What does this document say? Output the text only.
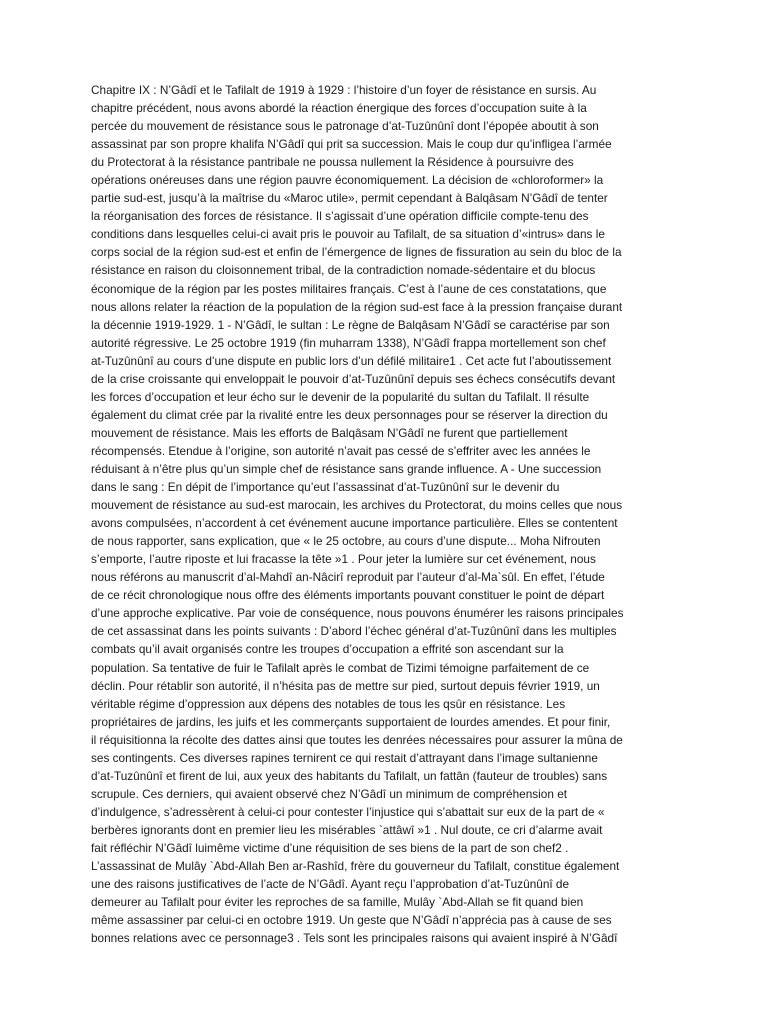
Chapitre IX : N’Gâdî et le Tafilalt de 1919 à 1929 : l’histoire d’un foyer de résistance en sursis. Au
chapitre précédent, nous avons abordé la réaction énergique des forces d’occupation suite à la
percée du mouvement de résistance sous le patronage d’at-Tuzûnûnî dont l’épopée aboutit à son
assassinat par son propre khalifa N’Gâdî qui prit sa succession. Mais le coup dur qu’infligea l’armée
du Protectorat à la résistance pantribale ne poussa nullement la Résidence à poursuivre des
opérations onéreuses dans une région pauvre économiquement. La décision de «chloroformer» la
partie sud-est, jusqu’à la maîtrise du «Maroc utile», permit cependant à Balqâsam N’Gâdî de tenter
la réorganisation des forces de résistance. Il s’agissait d’une opération difficile compte-tenu des
conditions dans lesquelles celui-ci avait pris le pouvoir au Tafilalt, de sa situation d’«intrus» dans le
corps social de la région sud-est et enfin de l’émergence de lignes de fissuration au sein du bloc de la
résistance en raison du cloisonnement tribal, de la contradiction nomade-sédentaire et du blocus
économique de la région par les postes militaires français. C’est à l’aune de ces constatations, que
nous allons relater la réaction de la population de la région sud-est face à la pression française durant
la décennie 1919-1929. 1 - N’Gâdî, le sultan : Le règne de Balqâsam N’Gâdî se caractérise par son
autorité régressive. Le 25 octobre 1919 (fin muharram 1338), N’Gâdî frappa mortellement son chef
at-Tuzûnûnî au cours d’une dispute en public lors d’un défilé militaire1 . Cet acte fut l’aboutissement
de la crise croissante qui enveloppait le pouvoir d’at-Tuzûnûnî depuis ses échecs consécutifs devant
les forces d’occupation et leur écho sur le devenir de la popularité du sultan du Tafilalt. Il résulte
également du climat crée par la rivalité entre les deux personnages pour se réserver la direction du
mouvement de résistance. Mais les efforts de Balqâsam N’Gâdî ne furent que partiellement
récompensés. Etendue à l’origine, son autorité n’avait pas cessé de s’effriter avec les années le
réduisant à n’être plus qu’un simple chef de résistance sans grande influence. A - Une succession
dans le sang : En dépit de l’importance qu’eut l’assassinat d’at-Tuzûnûnî sur le devenir du
mouvement de résistance au sud-est marocain, les archives du Protectorat, du moins celles que nous
avons compulsées, n’accordent à cet événement aucune importance particulière. Elles se contentent
de nous rapporter, sans explication, que « le 25 octobre, au cours d’une dispute... Moha Nifrouten
s’emporte, l’autre riposte et lui fracasse la tête »1 . Pour jeter la lumière sur cet événement, nous
nous référons au manuscrit d’al-Mahdî an-Nâcirî reproduit par l’auteur d’al-Ma`sûl. En effet, l’étude
de ce récit chronologique nous offre des éléments importants pouvant constituer le point de départ
d’une approche explicative. Par voie de conséquence, nous pouvons énumérer les raisons principales
de cet assassinat dans les points suivants : D’abord l’échec général d’at-Tuzûnûnî dans les multiples
combats qu’il avait organisés contre les troupes d’occupation a effrité son ascendant sur la
population. Sa tentative de fuir le Tafilalt après le combat de Tizimi témoigne parfaitement de ce
déclin. Pour rétablir son autorité, il n’hésita pas de mettre sur pied, surtout depuis février 1919, un
véritable régime d’oppression aux dépens des notables de tous les qsûr en résistance. Les
propriétaires de jardins, les juifs et les commerçants supportaient de lourdes amendes. Et pour finir,
il réquisitionna la récolte des dattes ainsi que toutes les denrées nécessaires pour assurer la mûna de
ses contingents. Ces diverses rapines ternirent ce qui restait d’attrayant dans l’image sultanienne
d’at-Tuzûnûnî et firent de lui, aux yeux des habitants du Tafilalt, un fattân (fauteur de troubles) sans
scrupule. Ces derniers, qui avaient observé chez N’Gâdî un minimum de compréhension et
d’indulgence, s’adressèrent à celui-ci pour contester l’injustice qui s’abattait sur eux de la part de «
berbères ignorants dont en premier lieu les misérables `attâwî »1 . Nul doute, ce cri d’alarme avait
fait réfléchir N’Gâdî luimême victime d’une réquisition de ses biens de la part de son chef2 .
L’assassinat de Mulây `Abd-Allah Ben ar-Rashîd, frère du gouverneur du Tafilalt, constitue également
une des raisons justificatives de l’acte de N’Gâdî. Ayant reçu l’approbation d’at-Tuzûnûnî de
demeurer au Tafilalt pour éviter les reproches de sa famille, Mulây `Abd-Allah se fit quand bien
même assassiner par celui-ci en octobre 1919. Un geste que N’Gâdî n’apprécia pas à cause de ses
bonnes relations avec ce personnage3 . Tels sont les principales raisons qui avaient inspiré à N’Gâdî
